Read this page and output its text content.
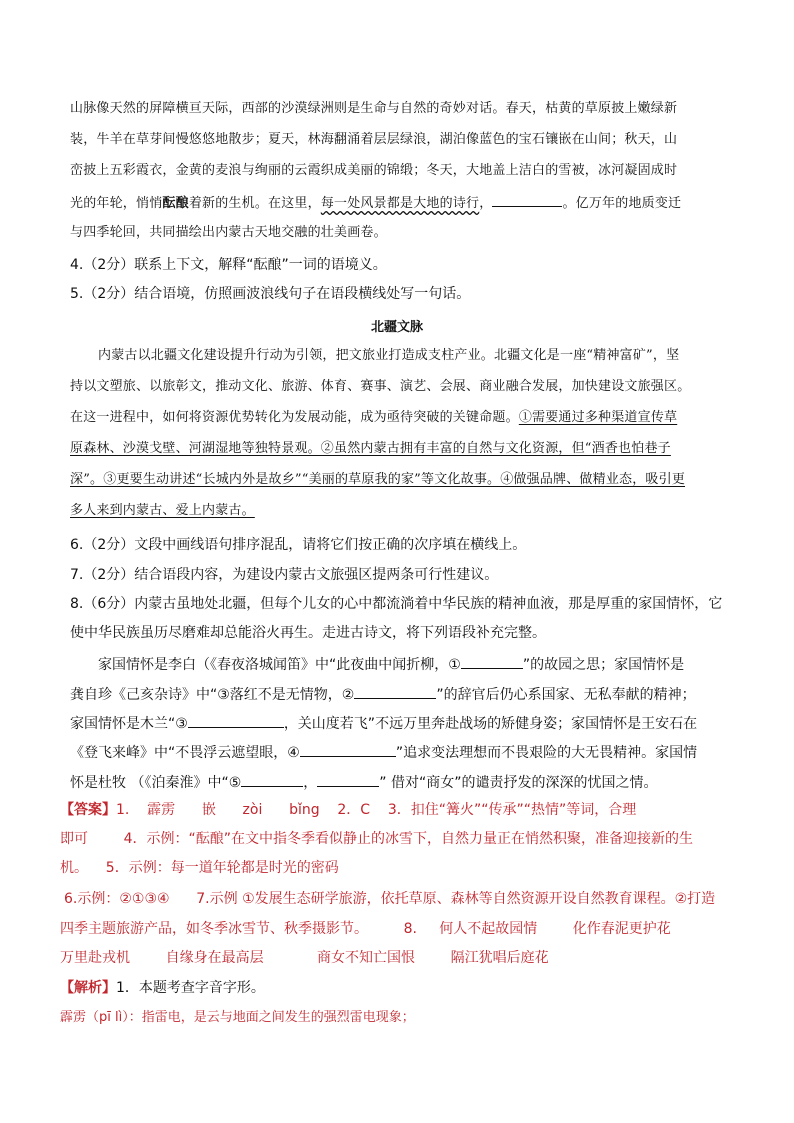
山脉像天然的屏障横亘天际，西部的沙漠绿洲则是生命与自然的奇妙对话。春天，枯黄的草原披上嫩绿新
装，牛羊在草芽间慢悠悠地散步；夏天，林海翻涌着层层绿浪，湖泊像蓝色的宝石镶嵌在山间；秋天，山
峦披上五彩霞衣，金黄的麦浪与绚丽的云霞织成美丽的锦缎；冬天，大地盖上洁白的雪被，冰河凝固成时
光的年轮，悄悄酝酿着新的生机。在这里，每一处风景都是大地的诗行，	。亿万年的地质变迁
与四季轮回，共同描绘出内蒙古天地交融的壮美画卷。
4.（2分）联系上下文，解释“酝酿”一词的语境义。
5.（2分）结合语境，仿照画波浪线句子在语段横线处写一句话。
北疆文脉
内蒙古以北疆文化建设提升行动为引领，把文旅业打造成支柱产业。北疆文化是一座“精神富矿”，坚
持以文塑旅、以旅彰文，推动文化、旅游、体育、赛事、演艺、会展、商业融合发展，加快建设文旅强区。
在这一进程中，如何将资源优势转化为发展动能，成为亟待突破的关键命题。①需要通过多种渠道宣传草
原森林、沙漠戈壁、河湖湿地等独特景观。②虽然内蒙古拥有丰富的自然与文化资源，但“酒香也怕巷子
深”。③更要生动讲述“长城内外是故乡”“美丽的草原我的家”等文化故事。④做强品牌、做精业态，吸引更
多人来到内蒙古、爱上内蒙古。
6.（2分）文段中画线语句排序混乱，请将它们按正确的次序填在横线上。
7.（2分）结合语段内容，为建设内蒙古文旅强区提两条可行性建议。
8.（6分）内蒙古虽地处北疆，但每个儿女的心中都流淌着中华民族的精神血液，那是厚重的家国情怀，它
使中华民族虽历尽磨难却总能浴火再生。走进古诗文，将下列语段补充完整。
家国情怀是李白（《春夜洛城闻笛》中“此夜曲中闻折柳，①	”的故园之思；家国情怀是
龚自珍《己亥杂诗》中“③落红不是无情物，②	”的辞官后仍心系国家、无私奉献的精神；
家国情怀是木兰“③	，关山度若飞”不远万里奔赴战场的矫健身姿；家国情怀是王安石在
《登飞来峰》中“不畏浮云遮望眼，④	”追求变法理想而不畏艰险的大无畏精神。家国情
怀是杜牧 （《泊秦淮》中“⑤	，	” 借对“商女”的谴责抒发的深深的忧国之情。
【答案】1.    霹雳      嵌      zòi      bǐng    2．C    3．扣住“篝火”“传承”“热情”等词，合理
即可        4．示例：“酝酿”在文中指冬季看似静止的冰雪下，自然力量正在悄然积聚，准备迎接新的生
机。    5．示例：每一道年轮都是时光的密码
6.示例：②①③④      7.示例 ①发展生态研学旅游，依托草原、森林等自然资源开设自然教育课程。②打造
四季主题旅游产品，如冬季冰雪节、秋季摄影节。        8.     何人不起故园情        化作春泥更护花
万里赴戎机        自缘身在最高层            商女不知亡国恨        隔江犹唱后庭花
【解析】1．本题考查字音字形。
霹雳（pī lì）：指雷电，是云与地面之间发生的强烈雷电现象；
